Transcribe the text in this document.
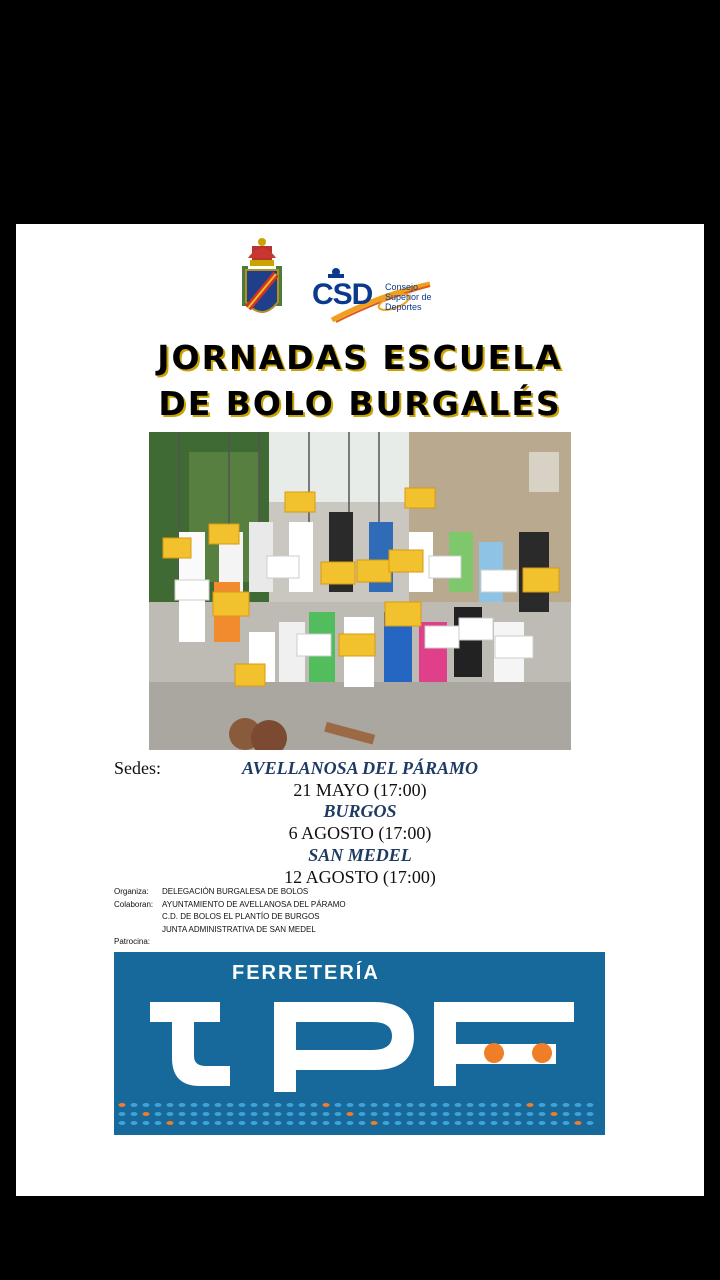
CSD Consejo
Superior de
Deportes
JORNADAS ESCUELA
DE BOLO BURGALÉS
Sedes:	AVELLANOSA DEL PÁRAMO
21 MAYO (17:00)
BURGOS
6 AGOSTO (17:00)
SAN MEDEL
12 AGOSTO (17:00)
Organiza:	DELEGACIÓN BURGALESA DE BOLOS
Colaboran:	AYUNTAMIENTO DE AVELLANOSA DEL PÁRAMO
C.D. DE BOLOS EL PLANTÍO DE BURGOS
JUNTA ADMINISTRATIVA DE SAN MEDEL
Patrocina:
FERRETERÍA
